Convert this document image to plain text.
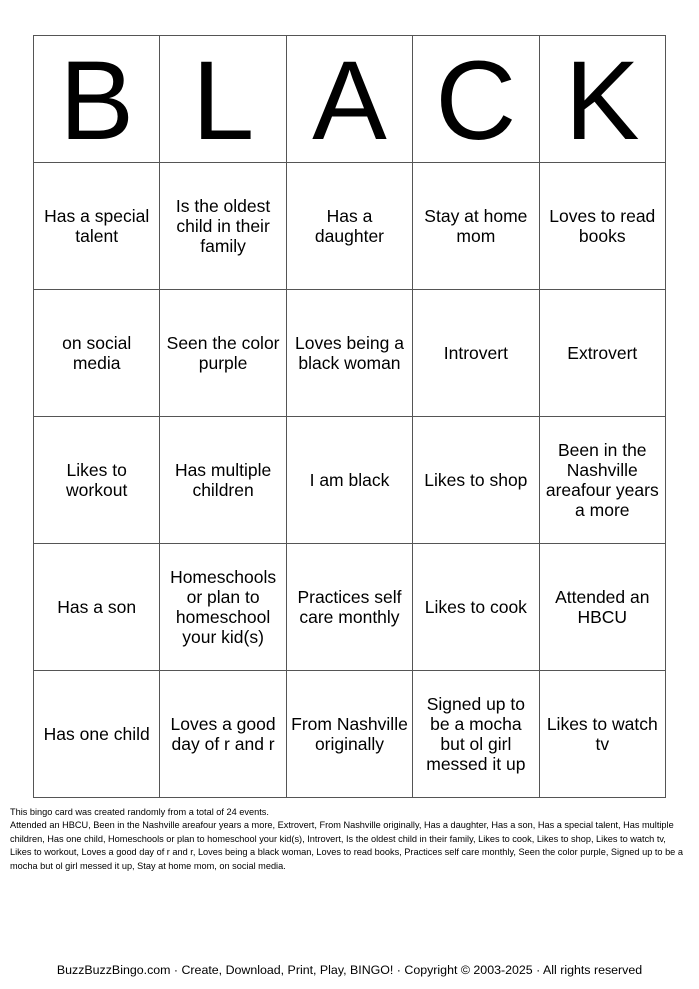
B	L	A	C	K
Has a special talent	Is the oldest child in their family	Has a daughter	Stay at home mom	Loves to read books
on social media	Seen the color purple	Loves being a black woman	Introvert	Extrovert
Likes to workout	Has multiple children	I am black	Likes to shop	Been in the Nashville areafour years a more
Has a son	Homeschools or plan to homeschool your kid(s)	Practices self care monthly	Likes to cook	Attended an HBCU
Has one child	Loves a good day of r and r	From Nashville originally	Signed up to be a mocha but ol girl messed it up	Likes to watch tv
This bingo card was created randomly from a total of 24 events.
Attended an HBCU, Been in the Nashville areafour years a more, Extrovert, From Nashville originally, Has a daughter, Has a son, Has a special talent, Has multiple children, Has one child, Homeschools or plan to homeschool your kid(s), Introvert, Is the oldest child in their family, Likes to cook, Likes to shop, Likes to watch tv, Likes to workout, Loves a good day of r and r, Loves being a black woman, Loves to read books, Practices self care monthly, Seen the color purple, Signed up to be a mocha but ol girl messed it up, Stay at home mom, on social media.
BuzzBuzzBingo.com · Create, Download, Print, Play, BINGO! · Copyright © 2003-2025 · All rights reserved
